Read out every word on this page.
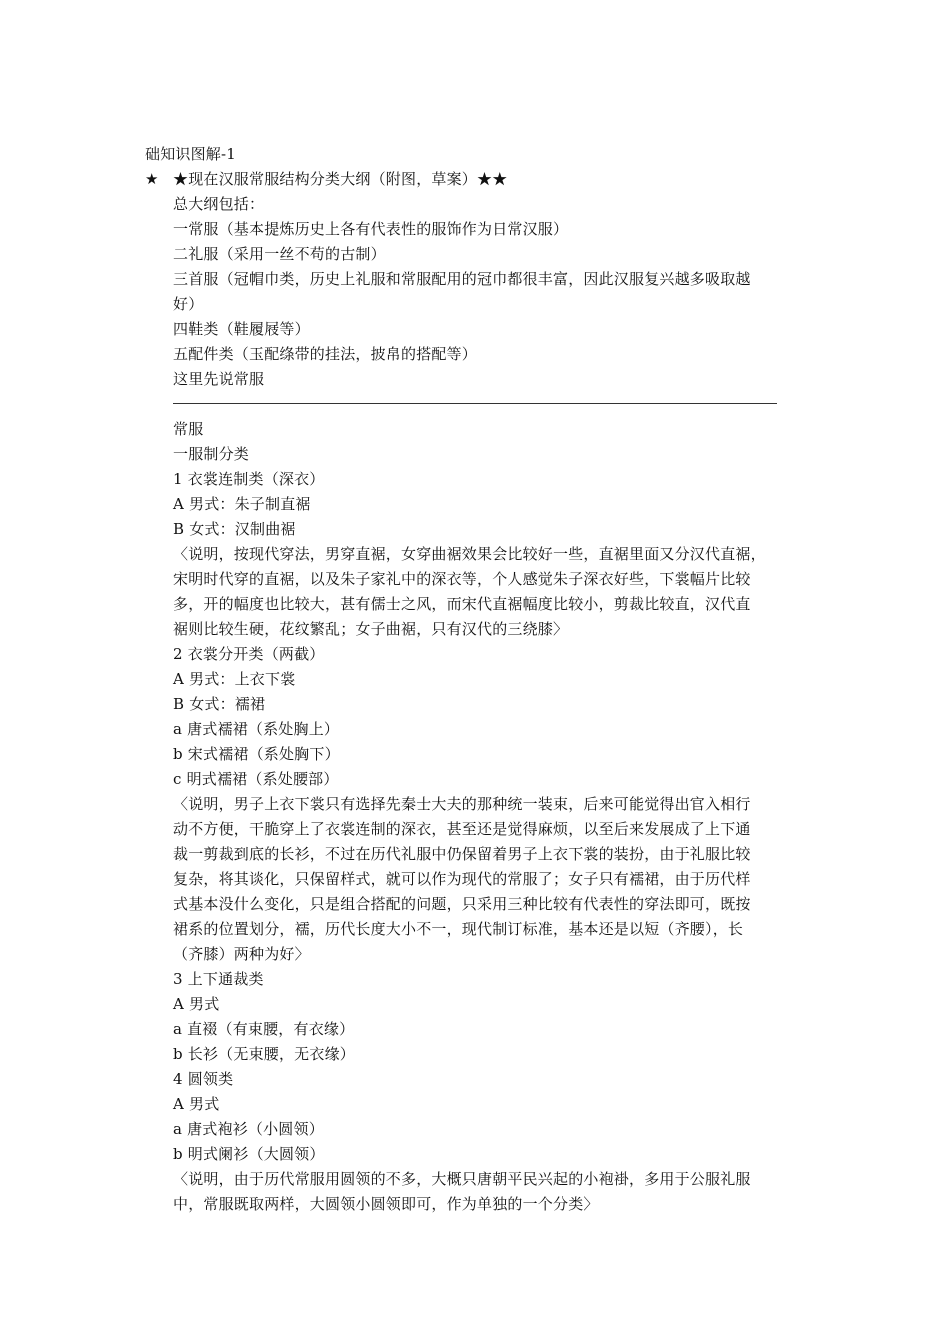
础知识图解-1
★ ★现在汉服常服结构分类大纲（附图，草案）★★
总大纲包括：
一常服（基本提炼历史上各有代表性的服饰作为日常汉服）
二礼服（采用一丝不苟的古制）
三首服（冠帽巾类，历史上礼服和常服配用的冠巾都很丰富，因此汉服复兴越多吸取越
好）
四鞋类（鞋履屐等）
五配件类（玉配绦带的挂法，披帛的搭配等）
这里先说常服
常服
一服制分类
1 衣裳连制类（深衣）
A 男式：朱子制直裾
B 女式：汉制曲裾
〈说明，按现代穿法，男穿直裾，女穿曲裾效果会比较好一些，直裾里面又分汉代直裾，
宋明时代穿的直裾，以及朱子家礼中的深衣等，个人感觉朱子深衣好些，下裳幅片比较
多，开的幅度也比较大，甚有儒士之风，而宋代直裾幅度比较小，剪裁比较直，汉代直
裾则比较生硬，花纹繁乱；女子曲裾，只有汉代的三绕膝〉
2 衣裳分开类（两截）
A 男式：上衣下裳
B 女式：襦裙
a 唐式襦裙（系处胸上）
b 宋式襦裙（系处胸下）
c 明式襦裙（系处腰部）
〈说明，男子上衣下裳只有选择先秦士大夫的那种统一装束，后来可能觉得出官入相行
动不方便，干脆穿上了衣裳连制的深衣，甚至还是觉得麻烦，以至后来发展成了上下通
裁一剪裁到底的长衫，不过在历代礼服中仍保留着男子上衣下裳的装扮，由于礼服比较
复杂，将其谈化，只保留样式，就可以作为现代的常服了；女子只有襦裙，由于历代样
式基本没什么变化，只是组合搭配的问题，只采用三种比较有代表性的穿法即可，既按
裙系的位置划分，襦，历代长度大小不一，现代制订标准，基本还是以短（齐腰），长
（齐膝）两种为好〉
3 上下通裁类
A 男式
a 直裰（有束腰，有衣缘）
b 长衫（无束腰，无衣缘）
4 圆领类
A 男式
a 唐式袍衫（小圆领）
b 明式阑衫（大圆领）
〈说明，由于历代常服用圆领的不多，大概只唐朝平民兴起的小袍褂，多用于公服礼服
中，常服既取两样，大圆领小圆领即可，作为单独的一个分类〉
